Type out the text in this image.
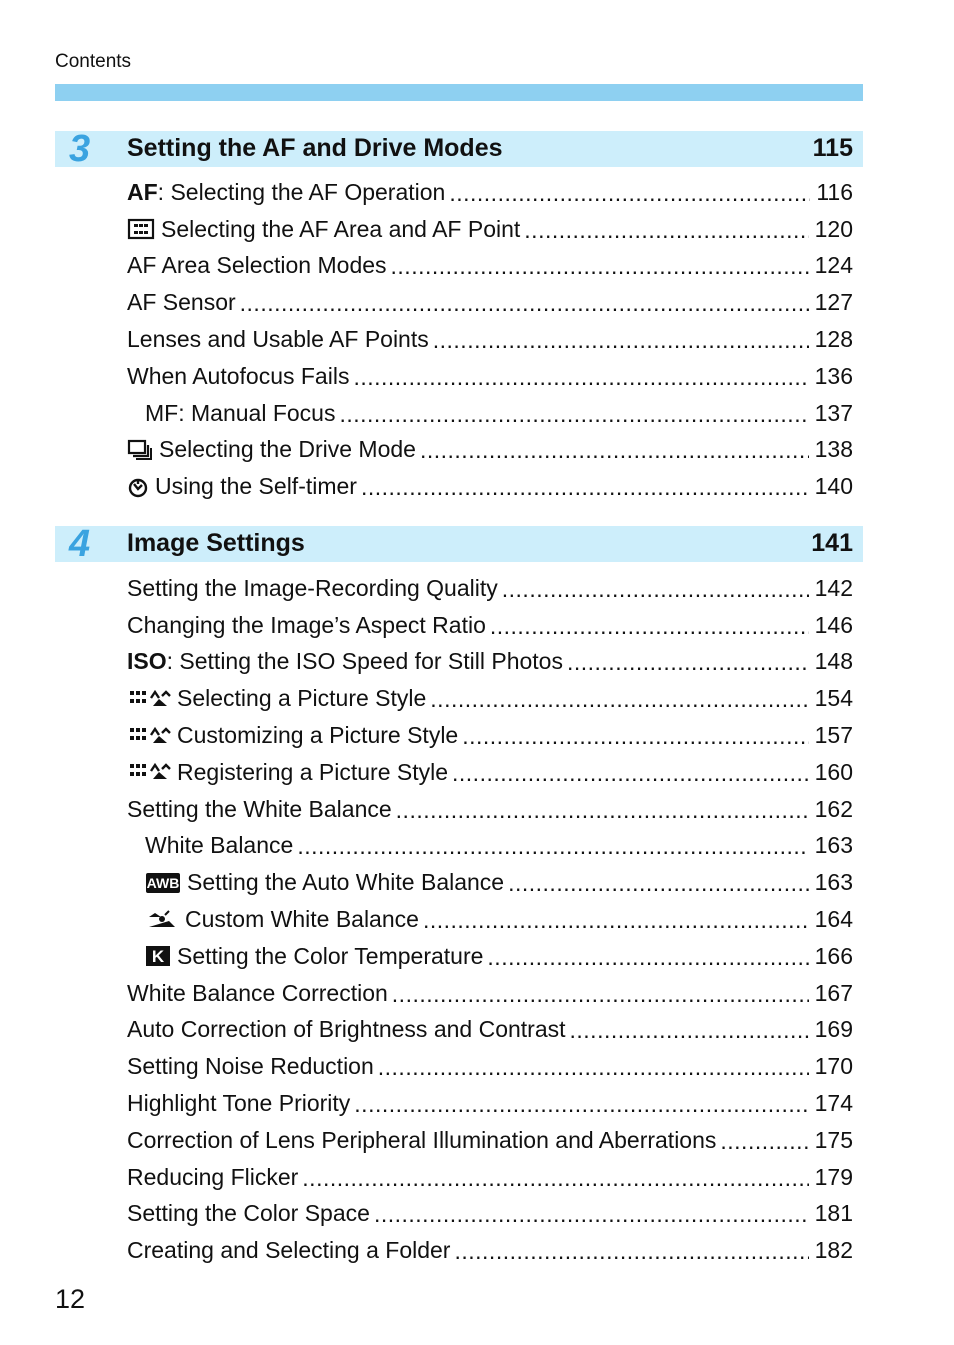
Contents
3 Setting the AF and Drive Modes	115
AF : Selecting the AF Operation .....	116
Selecting the AF Area and AF Point .....	120
AF Area Selection Modes .....	124
AF Sensor .....	127
Lenses and Usable AF Points .....	128
When Autofocus Fails .....	136
MF: Manual Focus .....	137
Selecting the Drive Mode .....	138
Using the Self-timer .....	140
4 Image Settings	141
Setting the Image-Recording Quality .....	142
Changing the Image’s Aspect Ratio .....	146
ISO : Setting the ISO Speed for Still Photos .....	148
Selecting a Picture Style .....	154
Customizing a Picture Style .....	157
Registering a Picture Style .....	160
Setting the White Balance .....	162
White Balance .....	163
AWB Setting the Auto White Balance .....	163
Custom White Balance .....	164
K Setting the Color Temperature .....	166
White Balance Correction .....	167
Auto Correction of Brightness and Contrast .....	169
Setting Noise Reduction .....	170
Highlight Tone Priority .....	174
Correction of Lens Peripheral Illumination and Aberrations .....	175
Reducing Flicker .....	179
Setting the Color Space .....	181
Creating and Selecting a Folder .....	182
12
